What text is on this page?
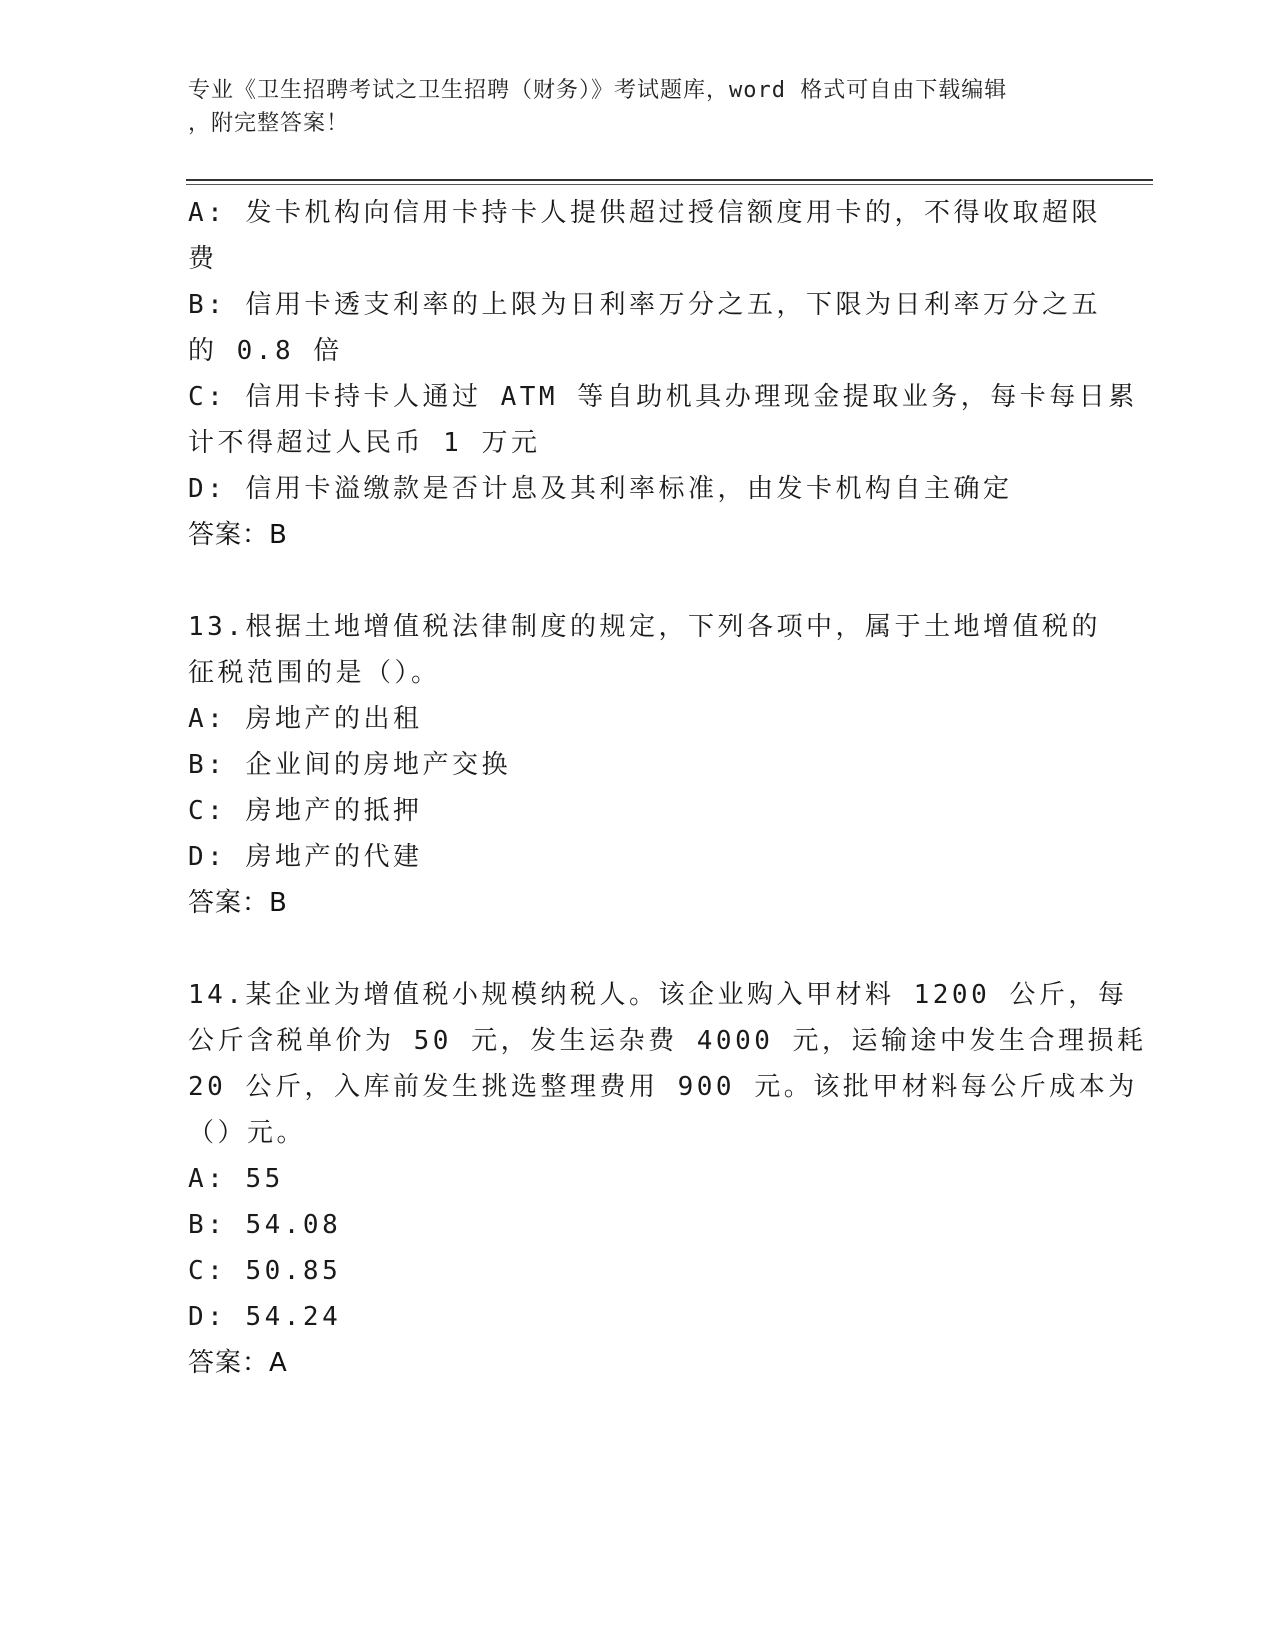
专业《卫生招聘考试之卫生招聘（财务）》考试题库，word 格式可自由下载编辑
，附完整答案！

A: 发卡机构向信用卡持卡人提供超过授信额度用卡的，不得收取超限

费

B: 信用卡透支利率的上限为日利率万分之五，下限为日利率万分之五

的 0.8 倍

C: 信用卡持卡人通过 ATM 等自助机具办理现金提取业务，每卡每日累

计不得超过人民币 1 万元

D: 信用卡溢缴款是否计息及其利率标准，由发卡机构自主确定

答案：B

13.根据土地增值税法律制度的规定，下列各项中，属于土地增值税的

征税范围的是（）。

A: 房地产的出租

B: 企业间的房地产交换

C: 房地产的抵押

D: 房地产的代建

答案：B

14.某企业为增值税小规模纳税人。该企业购入甲材料 1200 公斤，每

公斤含税单价为 50 元，发生运杂费 4000 元，运输途中发生合理损耗

20 公斤，入库前发生挑选整理费用 900 元。该批甲材料每公斤成本为

（）元。

A: 55

B: 54.08

C: 50.85

D: 54.24

答案：A
